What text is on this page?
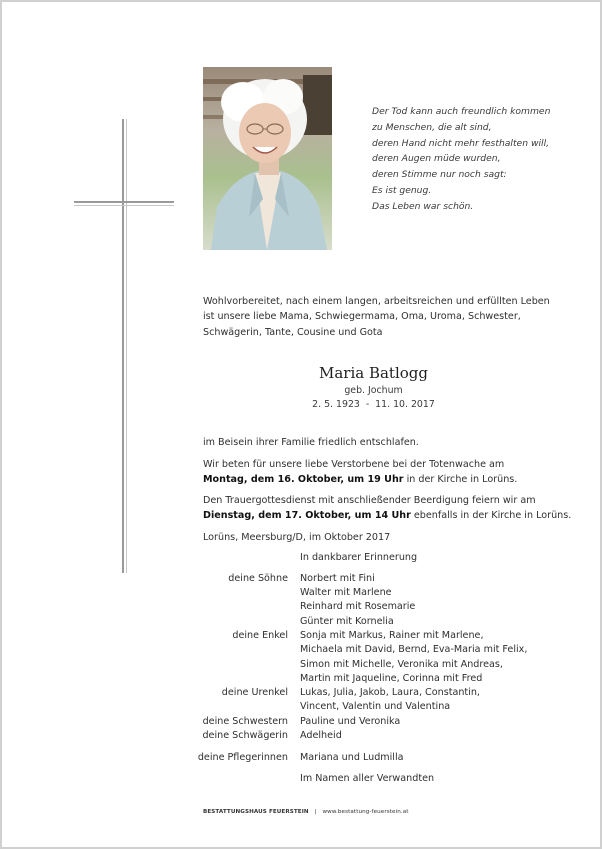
Der Tod kann auch freundlich kommen
zu Menschen, die alt sind,
deren Hand nicht mehr festhalten will,
deren Augen müde wurden,
deren Stimme nur noch sagt:
Es ist genug.
Das Leben war schön.
Wohlvorbereitet, nach einem langen, arbeitsreichen und erfüllten Leben
ist unsere liebe Mama, Schwiegermama, Oma, Uroma, Schwester,
Schwägerin, Tante, Cousine und Gota
Maria Batlogg
geb. Jochum
2. 5. 1923  -  11. 10. 2017
im Beisein ihrer Familie friedlich entschlafen.
Wir beten für unsere liebe Verstorbene bei der Totenwache am
Montag, dem 16. Oktober, um 19 Uhr in der Kirche in Lorüns.
Den Trauergottesdienst mit anschließender Beerdigung feiern wir am
Dienstag, dem 17. Oktober, um 14 Uhr ebenfalls in der Kirche in Lorüns.
Lorüns, Meersburg/D, im Oktober 2017
In dankbarer Erinnerung
deine Söhne Norbert mit Fini
Walter mit Marlene
Reinhard mit Rosemarie
Günter mit Kornelia
deine Enkel Sonja mit Markus, Rainer mit Marlene,
Michaela mit David, Bernd, Eva-Maria mit Felix,
Simon mit Michelle, Veronika mit Andreas,
Martin mit Jaqueline, Corinna mit Fred
deine Urenkel Lukas, Julia, Jakob, Laura, Constantin,
Vincent, Valentin und Valentina
deine Schwestern Pauline und Veronika
deine Schwägerin Adelheid
deine Pflegerinnen Mariana und Ludmilla
Im Namen aller Verwandten
BESTATTUNGSHAUS FEUERSTEIN | www.bestattung-feuerstein.at
